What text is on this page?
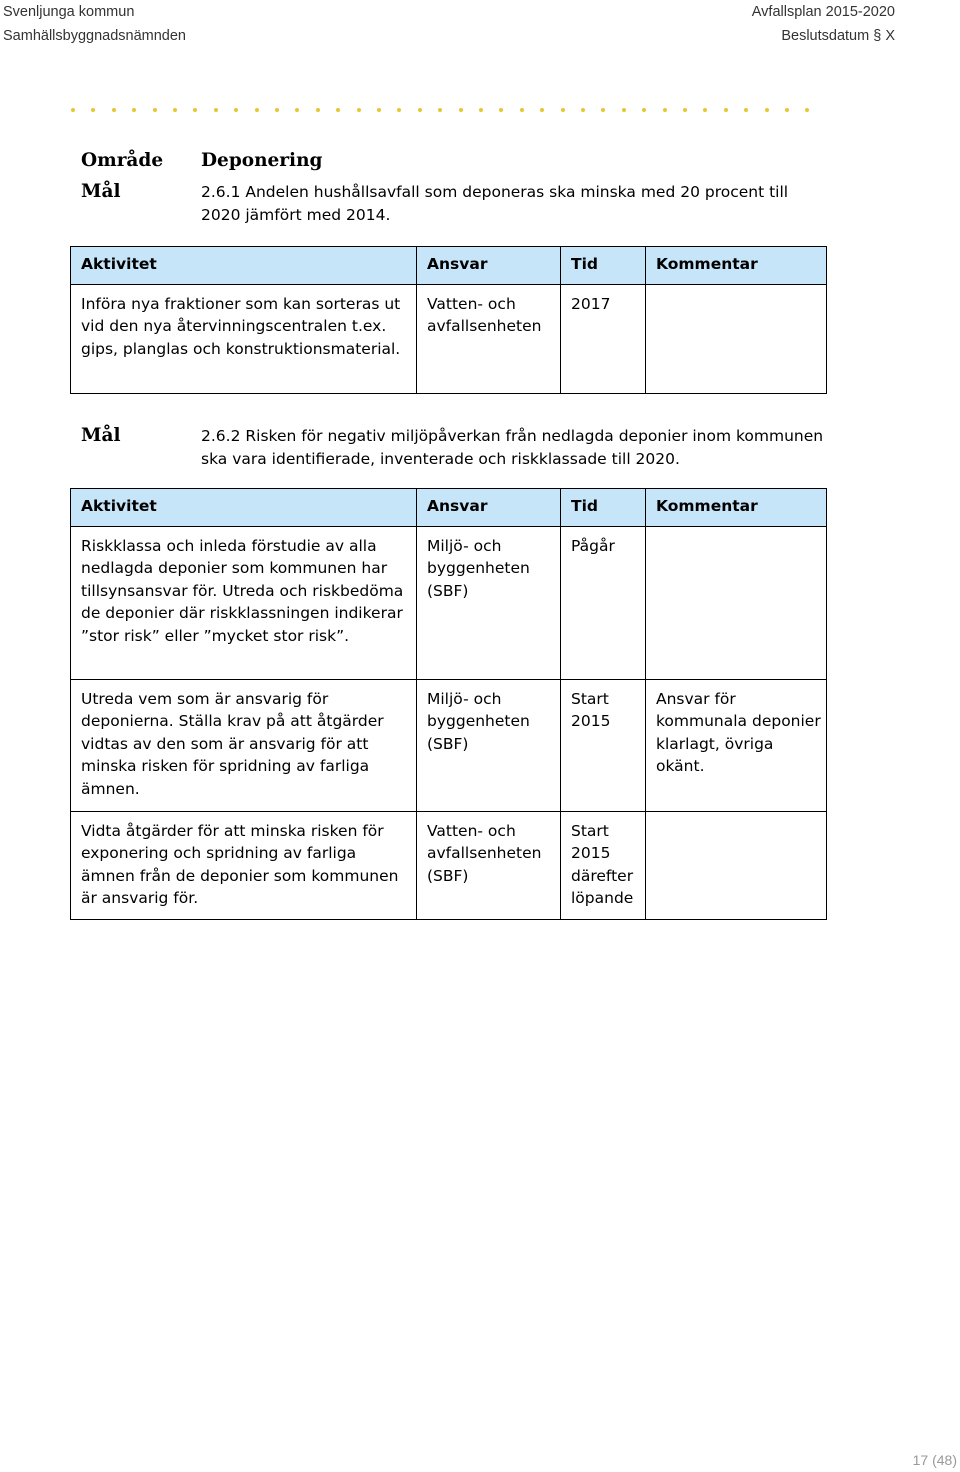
Svenljunga kommun
Samhällsbyggnadsnämnden
Avfallsplan 2015-2020
Beslutsdatum § X
Område Deponering
Mål	2.6.1 Andelen hushållsavfall som deponeras ska minska med 20 procent till 2020 jämfört med 2014.
Aktivitet	Ansvar	Tid	Kommentar
Införa nya fraktioner som kan sorteras ut vid den nya återvinningscentralen t.ex. gips, planglas och konstruktionsmaterial.	Vatten- och avfallsenheten	2017	
Mål	2.6.2 Risken för negativ miljöpåverkan från nedlagda deponier inom kommunen ska vara identifierade, inventerade och riskklassade till 2020.
Aktivitet	Ansvar	Tid	Kommentar
Riskklassa och inleda förstudie av alla nedlagda deponier som kommunen har tillsynsansvar för. Utreda och riskbedöma de deponier där riskklassningen indikerar ”stor risk” eller ”mycket stor risk”.	Miljö- och byggenheten (SBF)	Pågår	
Utreda vem som är ansvarig för deponierna. Ställa krav på att åtgärder vidtas av den som är ansvarig för att minska risken för spridning av farliga ämnen.	Miljö- och byggenheten (SBF)	Start 2015	Ansvar för kommunala deponier klarlagt, övriga okänt.
Vidta åtgärder för att minska risken för exponering och spridning av farliga ämnen från de deponier som kommunen är ansvarig för.	Vatten- och avfallsenheten (SBF)	Start 2015 därefter löpande	
17 (48)
